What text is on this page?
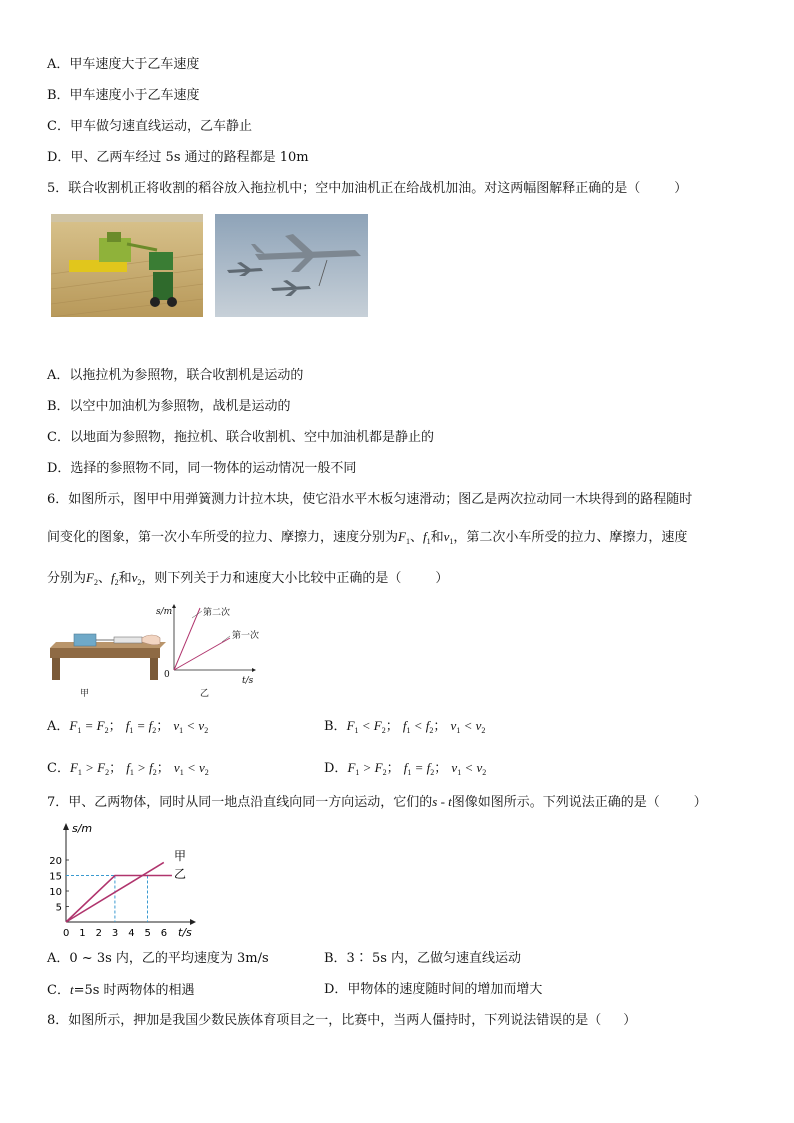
A．甲车速度大于乙车速度
B．甲车速度小于乙车速度
C．甲车做匀速直线运动，乙车静止
D．甲、乙两车经过 5s 通过的路程都是 10m
5．联合收割机正将收割的稻谷放入拖拉机中；空中加油机正在给战机加油。对这两幅图解释正确的是（	）
A．以拖拉机为参照物，联合收割机是运动的
B．以空中加油机为参照物，战机是运动的
C．以地面为参照物，拖拉机、联合收割机、空中加油机都是静止的
D．选择的参照物不同，同一物体的运动情况一般不同
6．如图所示，图甲中用弹簧测力计拉木块，使它沿水平木板匀速滑动；图乙是两次拉动同一木块得到的路程随时
间变化的图象，第一次小车所受的拉力、摩擦力，速度分别为$F_1$、$f_1$和$v_1$，第二次小车所受的拉力、摩擦力，速度
分别为$F_2$、$f_2$和$v_2$，则下列关于力和速度大小比较中正确的是（	）
甲
s/m	第二次
第一次
0
t/s
乙
A．$F_1 = F_2$； $f_1 = f_2$； $v_1 < v_2$	B．$F_1 < F_2$； $f_1 < f_2$； $v_1 < v_2$
C．$F_1 > F_2$； $f_1 > f_2$； $v_1 < v_2$	D．$F_1 > F_2$； $f_1 = f_2$； $v_1 < v_2$
7．甲、乙两物体，同时从同一地点沿直线向同一方向运动，它们的s - t图像如图所示。下列说法正确的是（	）
s/m
t/s
甲
乙
0 1 2 3 4 5 6
5
10
15
20
A．0 ~ 3s 内，乙的平均速度为 3m/s	B．3∶ 5s 内，乙做匀速直线运动
C．t=5s 时两物体的相遇	D．甲物体的速度随时间的增加而增大
8．如图所示，押加是我国少数民族体育项目之一，比赛中，当两人僵持时，下列说法错误的是（ ）
